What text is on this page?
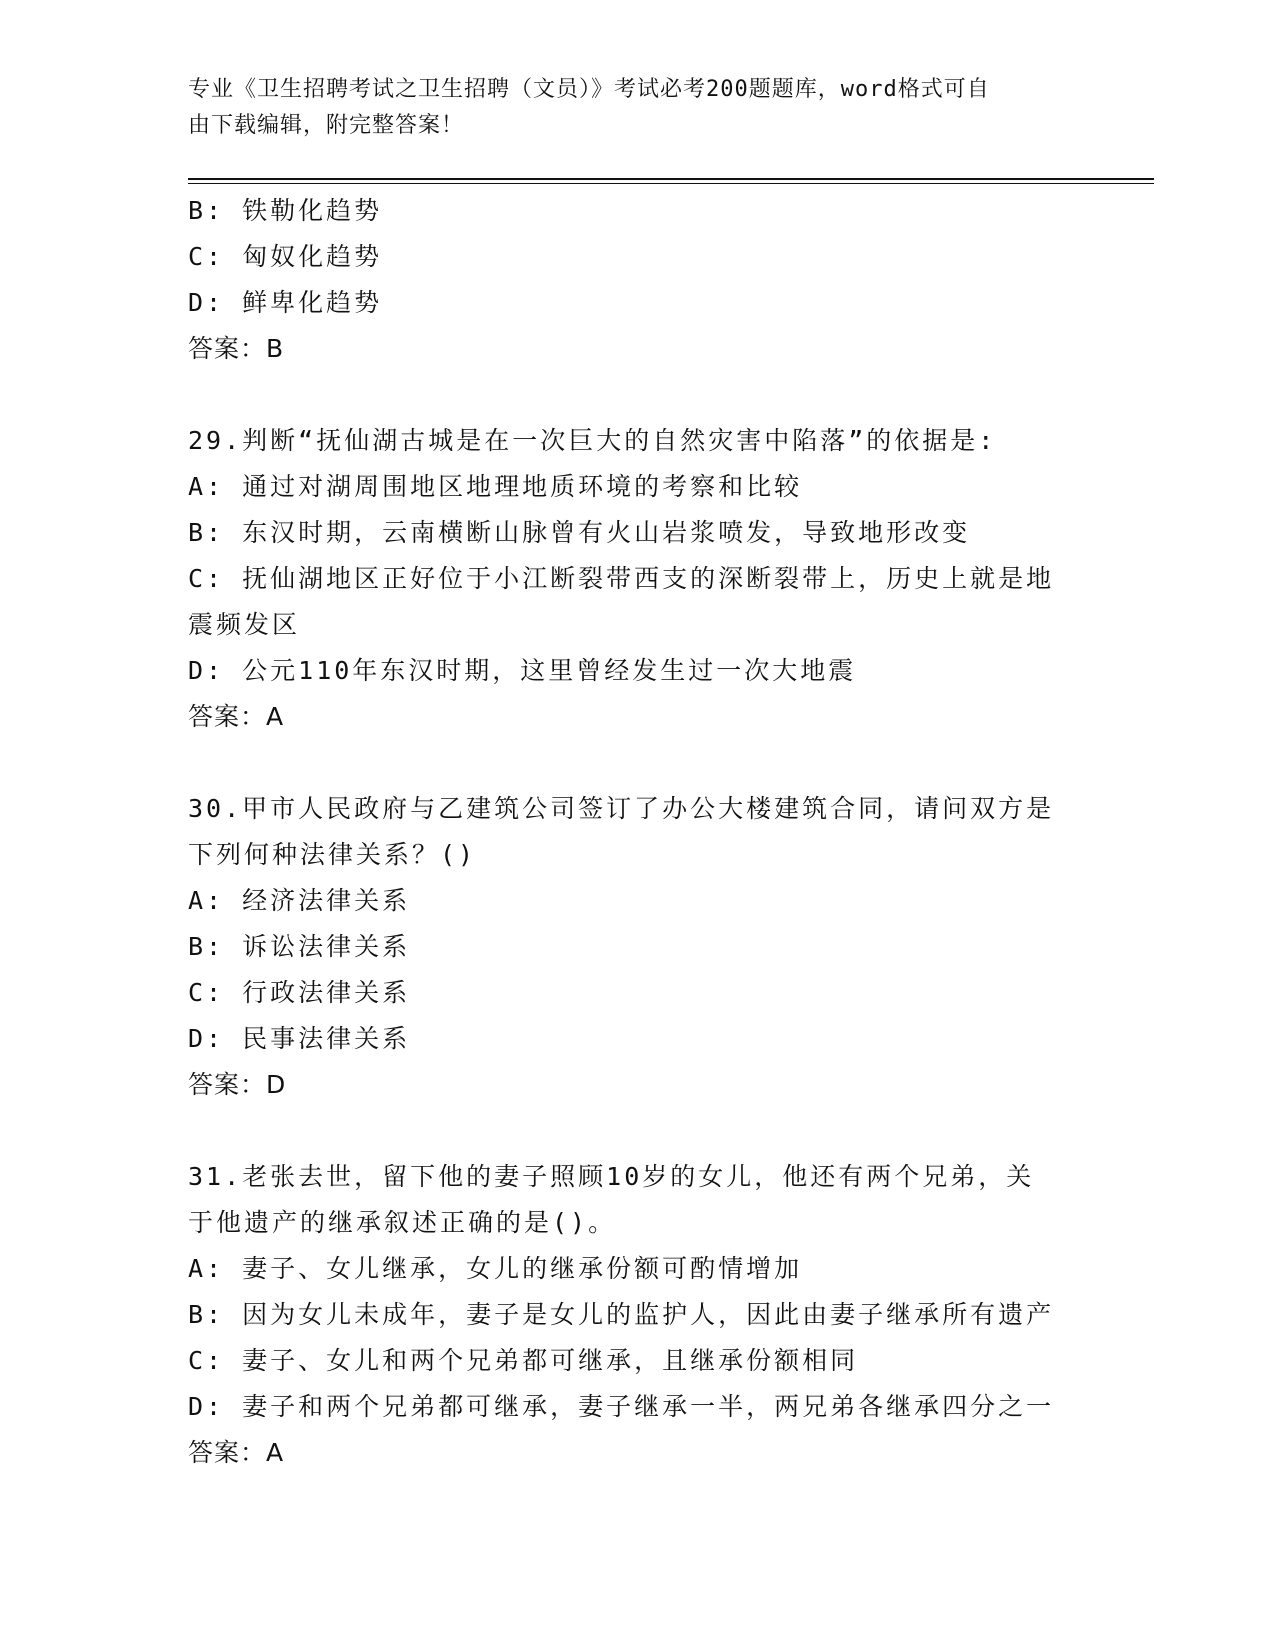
专业《卫生招聘考试之卫生招聘（文员）》考试必考200题题库，word格式可自
由下载编辑，附完整答案！
B: 铁勒化趋势
C: 匈奴化趋势
D: 鲜卑化趋势
答案：B
29.判断“抚仙湖古城是在一次巨大的自然灾害中陷落”的依据是:
A: 通过对湖周围地区地理地质环境的考察和比较
B: 东汉时期，云南横断山脉曾有火山岩浆喷发，导致地形改变
C: 抚仙湖地区正好位于小江断裂带西支的深断裂带上，历史上就是地
震频发区
D: 公元110年东汉时期，这里曾经发生过一次大地震
答案：A
30.甲市人民政府与乙建筑公司签订了办公大楼建筑合同，请问双方是
下列何种法律关系？()
A: 经济法律关系
B: 诉讼法律关系
C: 行政法律关系
D: 民事法律关系
答案：D
31.老张去世，留下他的妻子照顾10岁的女儿，他还有两个兄弟，关
于他遗产的继承叙述正确的是()。
A: 妻子、女儿继承，女儿的继承份额可酌情增加
B: 因为女儿未成年，妻子是女儿的监护人，因此由妻子继承所有遗产
C: 妻子、女儿和两个兄弟都可继承，且继承份额相同
D: 妻子和两个兄弟都可继承，妻子继承一半，两兄弟各继承四分之一
答案：A
